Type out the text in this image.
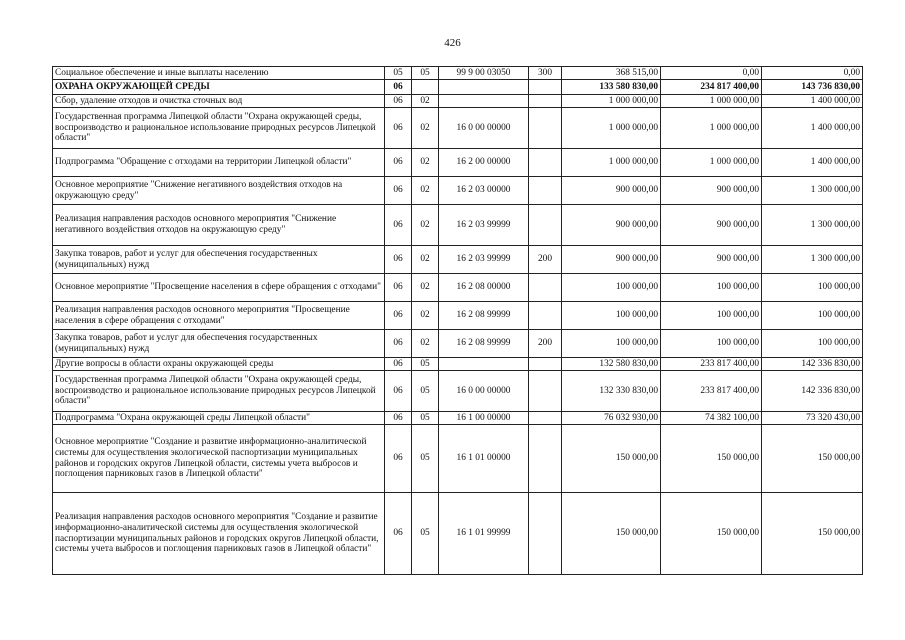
426
Социальное обеспечение и иные выплаты населению	05	05	99 9 00 03050	300	368 515,00	0,00	0,00
ОХРАНА ОКРУЖАЮЩЕЙ СРЕДЫ	06				133 580 830,00	234 817 400,00	143 736 830,00
Сбор, удаление отходов и очистка сточных вод	06	02			1 000 000,00	1 000 000,00	1 400 000,00
Государственная программа Липецкой области "Охрана окружающей среды, воспроизводство и рациональное использование природных ресурсов Липецкой области"	06	02	16 0 00 00000		1 000 000,00	1 000 000,00	1 400 000,00
Подпрограмма "Обращение с отходами на территории Липецкой области"	06	02	16 2 00 00000		1 000 000,00	1 000 000,00	1 400 000,00
Основное мероприятие "Снижение негативного воздействия отходов на окружающую среду"	06	02	16 2 03 00000		900 000,00	900 000,00	1 300 000,00
Реализация направления расходов основного мероприятия "Снижение негативного воздействия отходов на окружающую среду"	06	02	16 2 03 99999		900 000,00	900 000,00	1 300 000,00
Закупка товаров, работ и услуг для обеспечения государственных (муниципальных) нужд	06	02	16 2 03 99999	200	900 000,00	900 000,00	1 300 000,00
Основное мероприятие "Просвещение населения в сфере обращения с отходами"	06	02	16 2 08 00000		100 000,00	100 000,00	100 000,00
Реализация направления расходов основного мероприятия "Просвещение населения в сфере обращения с отходами"	06	02	16 2 08 99999		100 000,00	100 000,00	100 000,00
Закупка товаров, работ и услуг для обеспечения государственных (муниципальных) нужд	06	02	16 2 08 99999	200	100 000,00	100 000,00	100 000,00
Другие вопросы в области охраны окружающей среды	06	05			132 580 830,00	233 817 400,00	142 336 830,00
Государственная программа Липецкой области "Охрана окружающей среды, воспроизводство и рациональное использование природных ресурсов Липецкой области"	06	05	16 0 00 00000		132 330 830,00	233 817 400,00	142 336 830,00
Подпрограмма "Охрана окружающей среды Липецкой области"	06	05	16 1 00 00000		76 032 930,00	74 382 100,00	73 320 430,00
Основное мероприятие "Создание и развитие информационно-аналитической системы для осуществления экологической паспортизации муниципальных районов и городских округов Липецкой области, системы учета выбросов и поглощения парниковых газов в Липецкой области"	06	05	16 1 01 00000		150 000,00	150 000,00	150 000,00
Реализация направления расходов основного мероприятия "Создание и развитие информационно-аналитической системы для осуществления экологической паспортизации муниципальных районов и городских округов Липецкой области, системы учета выбросов и поглощения парниковых газов в Липецкой области"	06	05	16 1 01 99999		150 000,00	150 000,00	150 000,00
